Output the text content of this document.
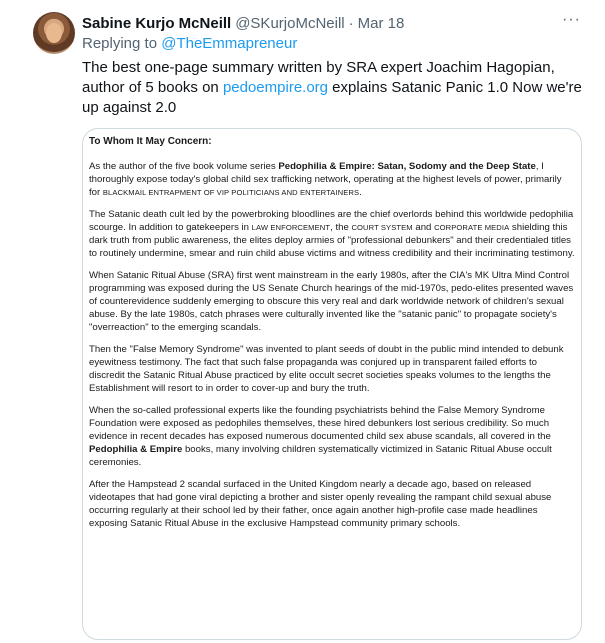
Sabine Kurjo McNeill @SKurjoMcNeill · Mar 18	···
Replying to @TheEmmapreneur
The best one-page summary written by SRA expert Joachim Hagopian, author of 5 books on pedoempire.org explains Satanic Panic 1.0 Now we're up against 2.0
To Whom It May Concern:

As the author of the five book volume series Pedophilia & Empire: Satan, Sodomy and the Deep State, I thoroughly expose today's global child sex trafficking network, operating at the highest levels of power, primarily for BLACKMAIL ENTRAPMENT OF VIP POLITICIANS AND ENTERTAINERS.

The Satanic death cult led by the powerbroking bloodlines are the chief overlords behind this worldwide pedophilia scourge. In addition to gatekeepers in LAW ENFORCEMENT, the COURT SYSTEM and CORPORATE MEDIA shielding this dark truth from public awareness, the elites deploy armies of "professional debunkers" and their credentialed titles to routinely undermine, smear and ruin child abuse victims and witness credibility and their incriminating testimony.

When Satanic Ritual Abuse (SRA) first went mainstream in the early 1980s, after the CIA's MK Ultra Mind Control programming was exposed during the US Senate Church hearings of the mid-1970s, pedo-elites presented waves of counterevidence suddenly emerging to obscure this very real and dark worldwide network of children's sexual abuse. By the late 1980s, catch phrases were culturally invented like the "satanic panic" to propagate society's "overreaction" to the emerging scandals.

Then the "False Memory Syndrome" was invented to plant seeds of doubt in the public mind intended to debunk eyewitness testimony. The fact that such false propaganda was conjured up in transparent failed efforts to discredit the Satanic Ritual Abuse practiced by elite occult secret societies speaks volumes to the lengths the Establishment will resort to in order to cover-up and bury the truth.

When the so-called professional experts like the founding psychiatrists behind the False Memory Syndrome Foundation were exposed as pedophiles themselves, these hired debunkers lost serious credibility. So much evidence in recent decades has exposed numerous documented child sex abuse scandals, all covered in the Pedophilia & Empire books, many involving children systematically victimized in Satanic Ritual Abuse occult ceremonies.

After the Hampstead 2 scandal surfaced in the United Kingdom nearly a decade ago, based on released videotapes that had gone viral depicting a brother and sister openly revealing the rampant child sexual abuse occurring regularly at their school led by their father, once again another high-profile case made headlines exposing Satanic Ritual Abuse in the exclusive Hampstead community primary schools.
